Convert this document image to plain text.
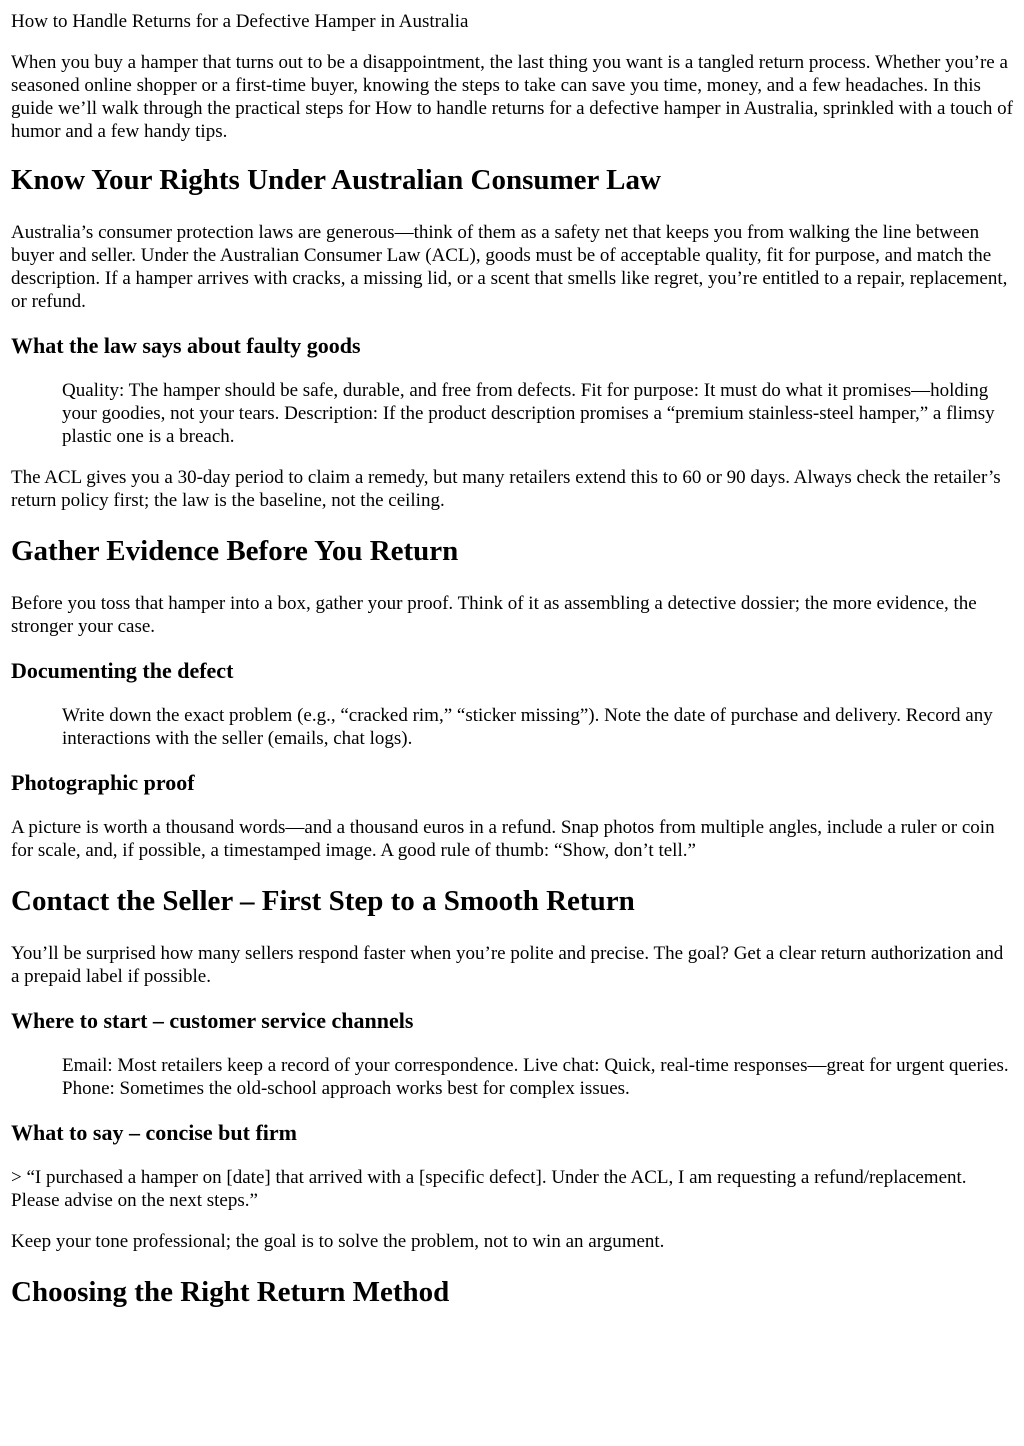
How to Handle Returns for a Defective Hamper in Australia

When you buy a hamper that turns out to be a disappointment, the last thing you want is a tangled return process. Whether you’re a seasoned online shopper or a first-time buyer, knowing the steps to take can save you time, money, and a few headaches. In this guide we’ll walk through the practical steps for How to handle returns for a defective hamper in Australia, sprinkled with a touch of humor and a few handy tips.

Know Your Rights Under Australian Consumer Law

Australia’s consumer protection laws are generous—think of them as a safety net that keeps you from walking the line between buyer and seller. Under the Australian Consumer Law (ACL), goods must be of acceptable quality, fit for purpose, and match the description. If a hamper arrives with cracks, a missing lid, or a scent that smells like regret, you’re entitled to a repair, replacement, or refund.

What the law says about faulty goods

Quality: The hamper should be safe, durable, and free from defects. Fit for purpose: It must do what it promises—holding your goodies, not your tears. Description: If the product description promises a “premium stainless-steel hamper,” a flimsy plastic one is a breach.

The ACL gives you a 30-day period to claim a remedy, but many retailers extend this to 60 or 90 days. Always check the retailer’s return policy first; the law is the baseline, not the ceiling.

Gather Evidence Before You Return

Before you toss that hamper into a box, gather your proof. Think of it as assembling a detective dossier; the more evidence, the stronger your case.

Documenting the defect

Write down the exact problem (e.g., “cracked rim,” “sticker missing”). Note the date of purchase and delivery. Record any interactions with the seller (emails, chat logs).

Photographic proof

A picture is worth a thousand words—and a thousand euros in a refund. Snap photos from multiple angles, include a ruler or coin for scale, and, if possible, a timestamped image. A good rule of thumb: “Show, don’t tell.”

Contact the Seller – First Step to a Smooth Return

You’ll be surprised how many sellers respond faster when you’re polite and precise. The goal? Get a clear return authorization and a prepaid label if possible.

Where to start – customer service channels

Email: Most retailers keep a record of your correspondence. Live chat: Quick, real-time responses—great for urgent queries. Phone: Sometimes the old-school approach works best for complex issues.

What to say – concise but firm

> “I purchased a hamper on [date] that arrived with a [specific defect]. Under the ACL, I am requesting a refund/replacement. Please advise on the next steps.”

Keep your tone professional; the goal is to solve the problem, not to win an argument.

Choosing the Right Return Method
